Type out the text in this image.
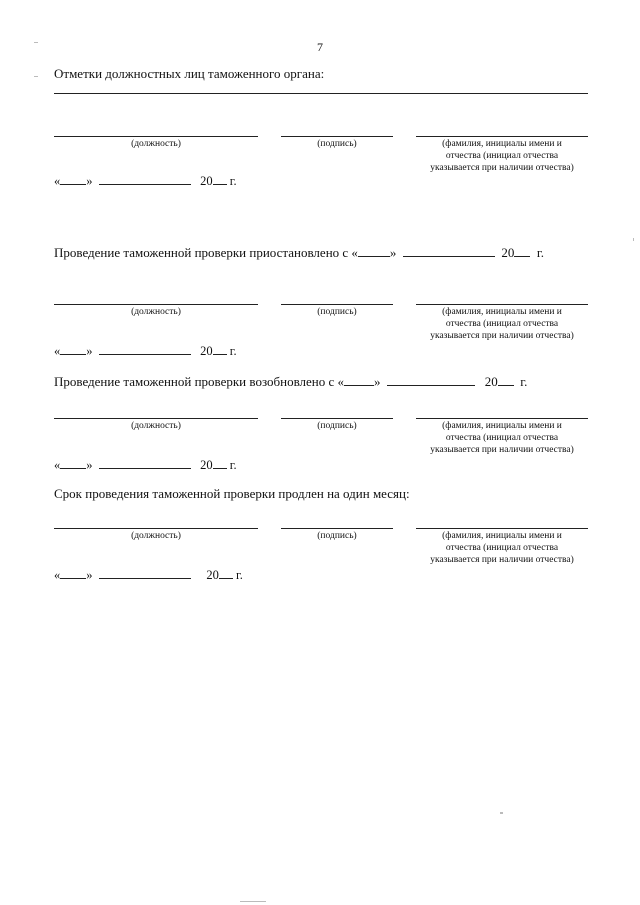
7
Отметки должностных лиц таможенного органа:
(должность)	(подпись)	(фамилия, инициалы имени и
отчества (инициал отчества
указывается при наличии отчества)
« »	20 г.
Проведение таможенной проверки приостановлено с « »	20 г.
(должность)	(подпись)	(фамилия, инициалы имени и
отчества (инициал отчества
указывается при наличии отчества)
« »	20 г.
Проведение таможенной проверки возобновлено с « »	20 г.
(должность)	(подпись)	(фамилия, инициалы имени и
отчества (инициал отчества
указывается при наличии отчества)
« »	20 г.
Срок проведения таможенной проверки продлен на один месяц:
(должность)	(подпись)	(фамилия, инициалы имени и
отчества (инициал отчества
указывается при наличии отчества)
« »	20 г.
